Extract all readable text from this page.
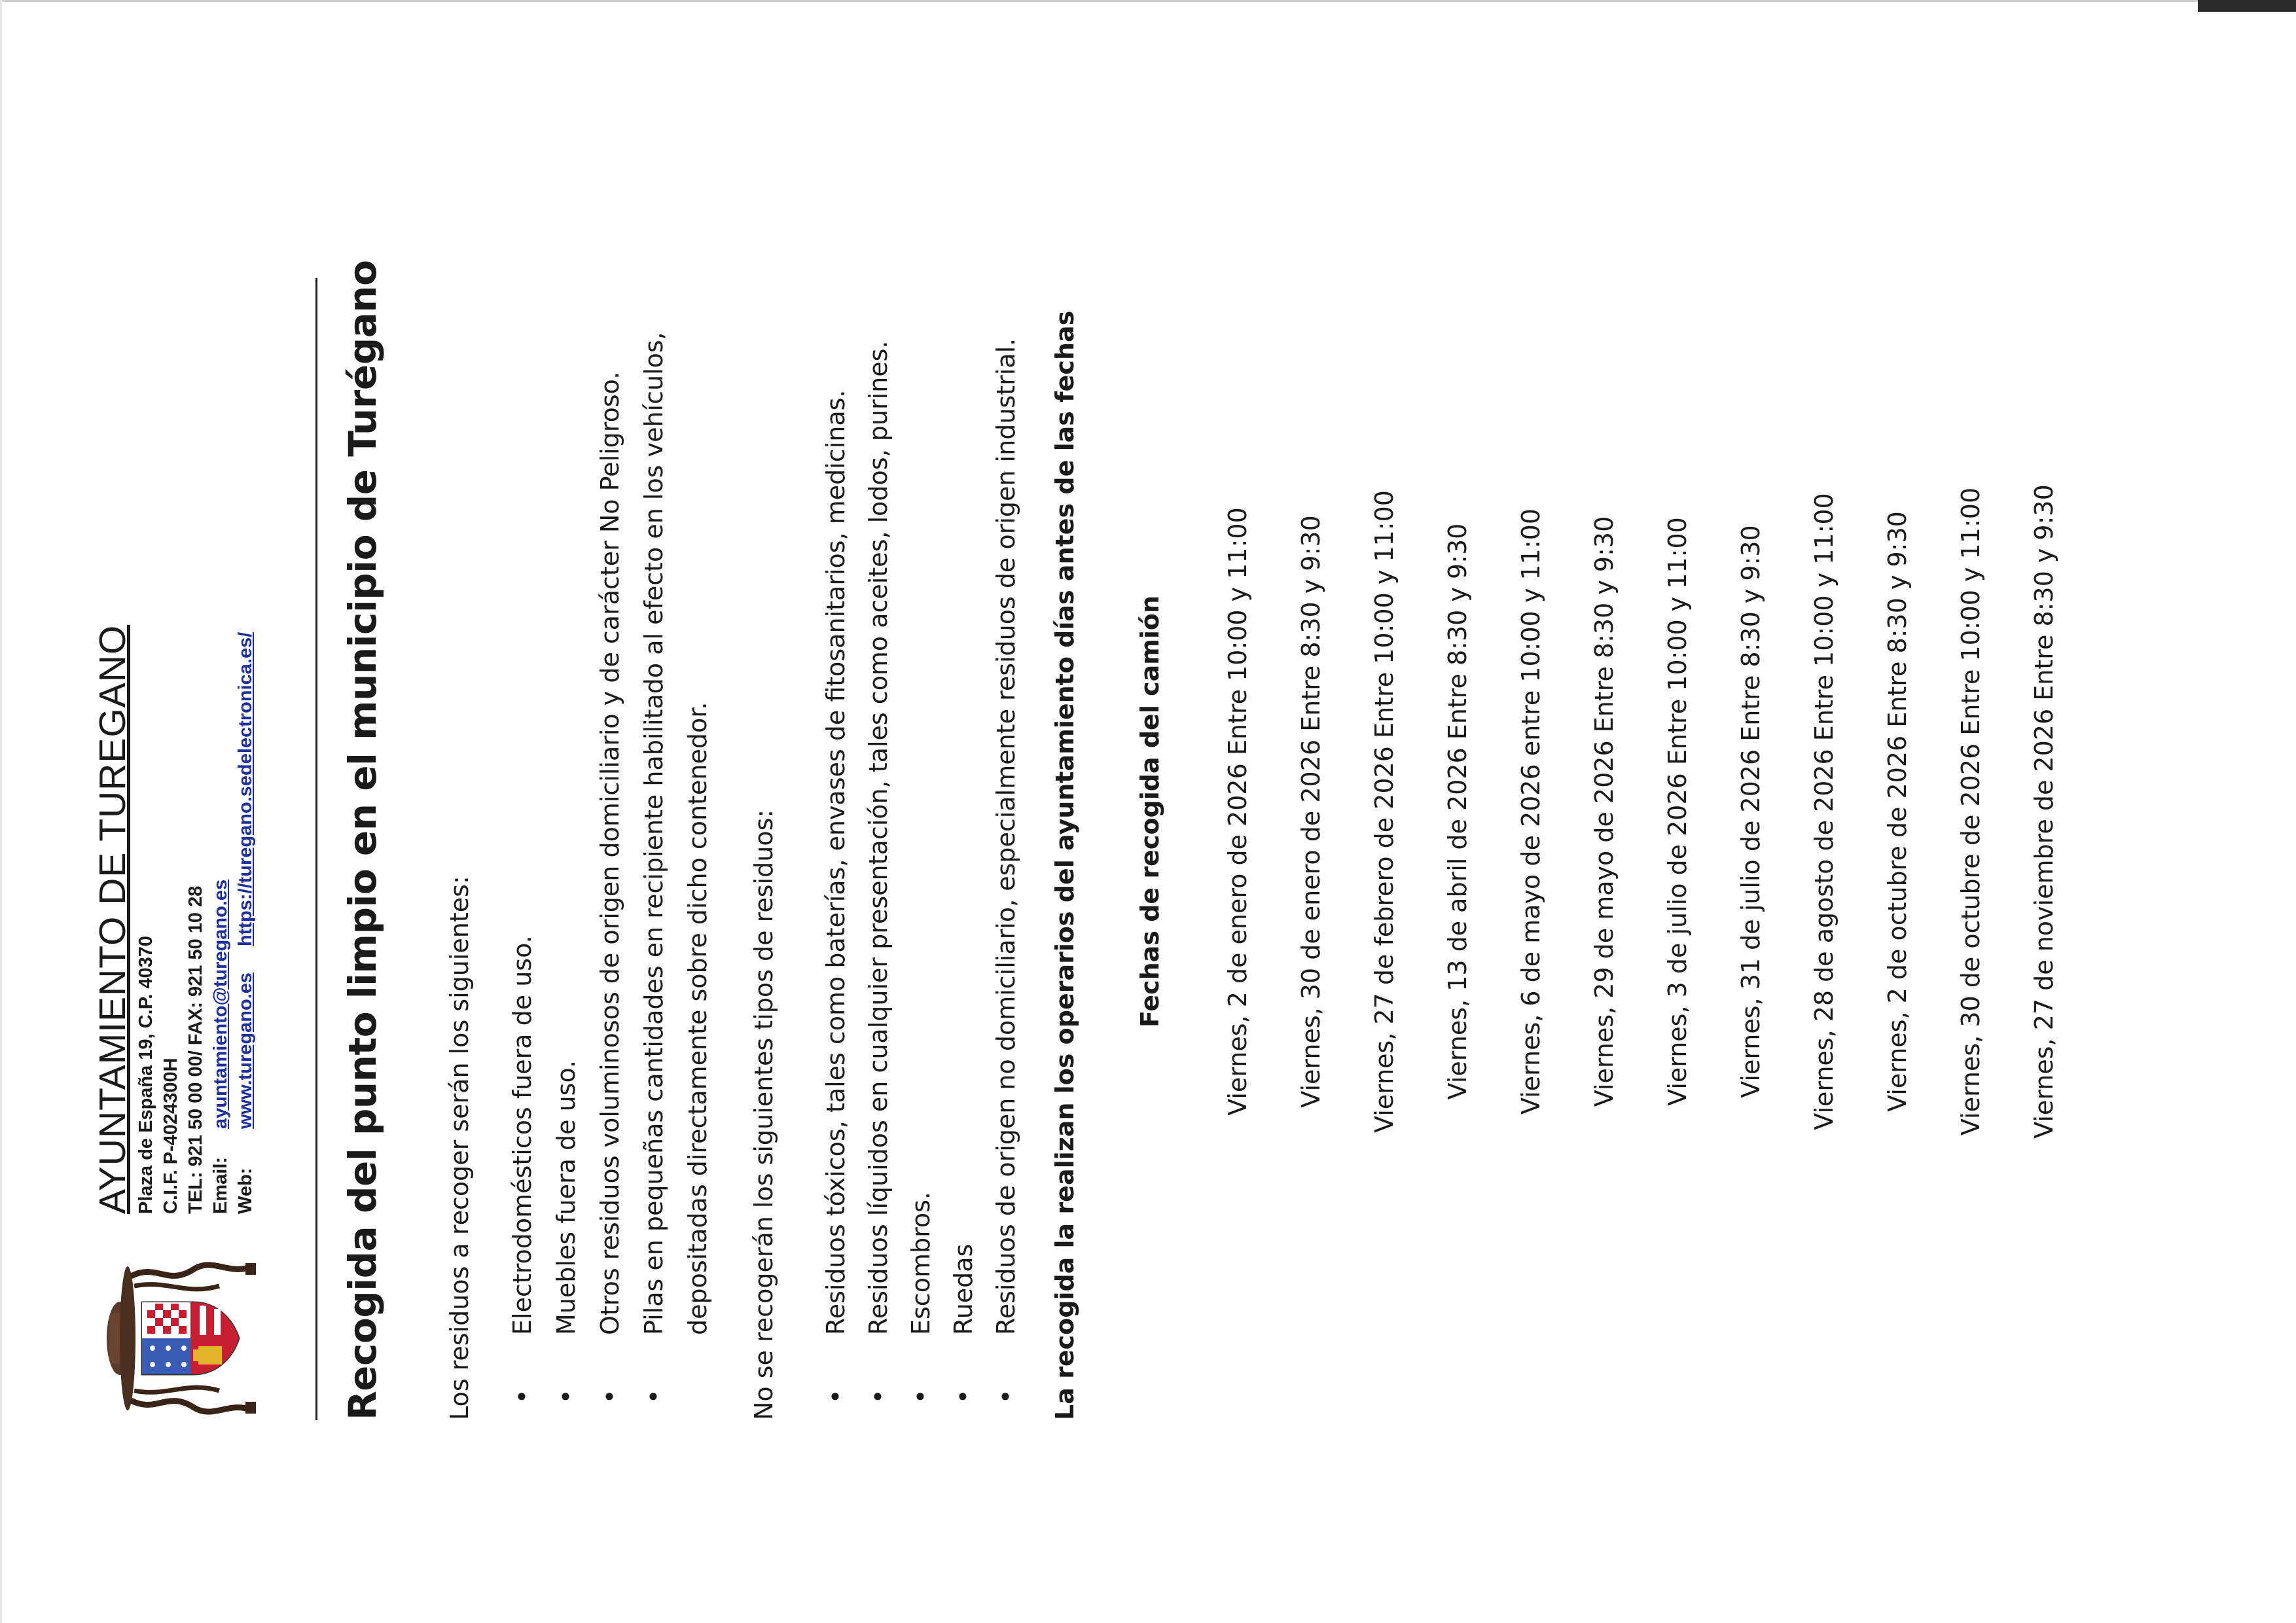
AYUNTAMIENTO DE TUREGANO Plaza de España 19, C.P. 40370 C.I.F. P-4024300H TEL: 921 50 00 00/ FAX: 921 50 10 28 Email:
ayuntamiento@turegano.es

Web:
www.turegano.es
https://turegano.sedelectronica.es/ Recogida del punto limpio en el municipio de Turégano Los residuos a recoger serán los siguientes: • Electrodomésticos fuera de uso. • Muebles fuera de uso. • Otros residuos voluminosos de origen domiciliario y de carácter No Peligroso. • Pilas en pequeñas cantidades en recipiente habilitado al efecto en los vehículos, depositadas directamente sobre dicho contenedor.	No se recogerán los siguientes tipos de residuos: • Residuos tóxicos, tales como baterías, envases de fitosanitarios, medicinas. • Residuos líquidos en cualquier presentación, tales como aceites, lodos, purines. • Escombros. • Ruedas • Residuos de origen no domiciliario, especialmente residuos de origen industrial. La recogida la realizan los operarios del ayuntamiento días antes de las fechas Fechas de recogida del camión	Viernes, 2 de enero de 2026 Entre 10:00 y 11:00	Viernes, 30 de enero de 2026 Entre 8:30 y 9:30	Viernes, 27 de febrero de 2026 Entre 10:00 y 11:00	Viernes, 13 de abril de 2026 Entre 8:30 y 9:30	Viernes, 6 de mayo de 2026 entre 10:00 y 11:00	Viernes, 29 de mayo de 2026 Entre 8:30 y 9:30	Viernes, 3 de julio de 2026 Entre 10:00 y 11:00	Viernes, 31 de julio de 2026 Entre 8:30 y 9:30	Viernes, 28 de agosto de 2026 Entre 10:00 y 11:00	Viernes, 2 de octubre de 2026 Entre 8:30 y 9:30	Viernes, 30 de octubre de 2026 Entre 10:00 y 11:00	Viernes, 27 de noviembre de 2026 Entre 8:30 y 9:30
